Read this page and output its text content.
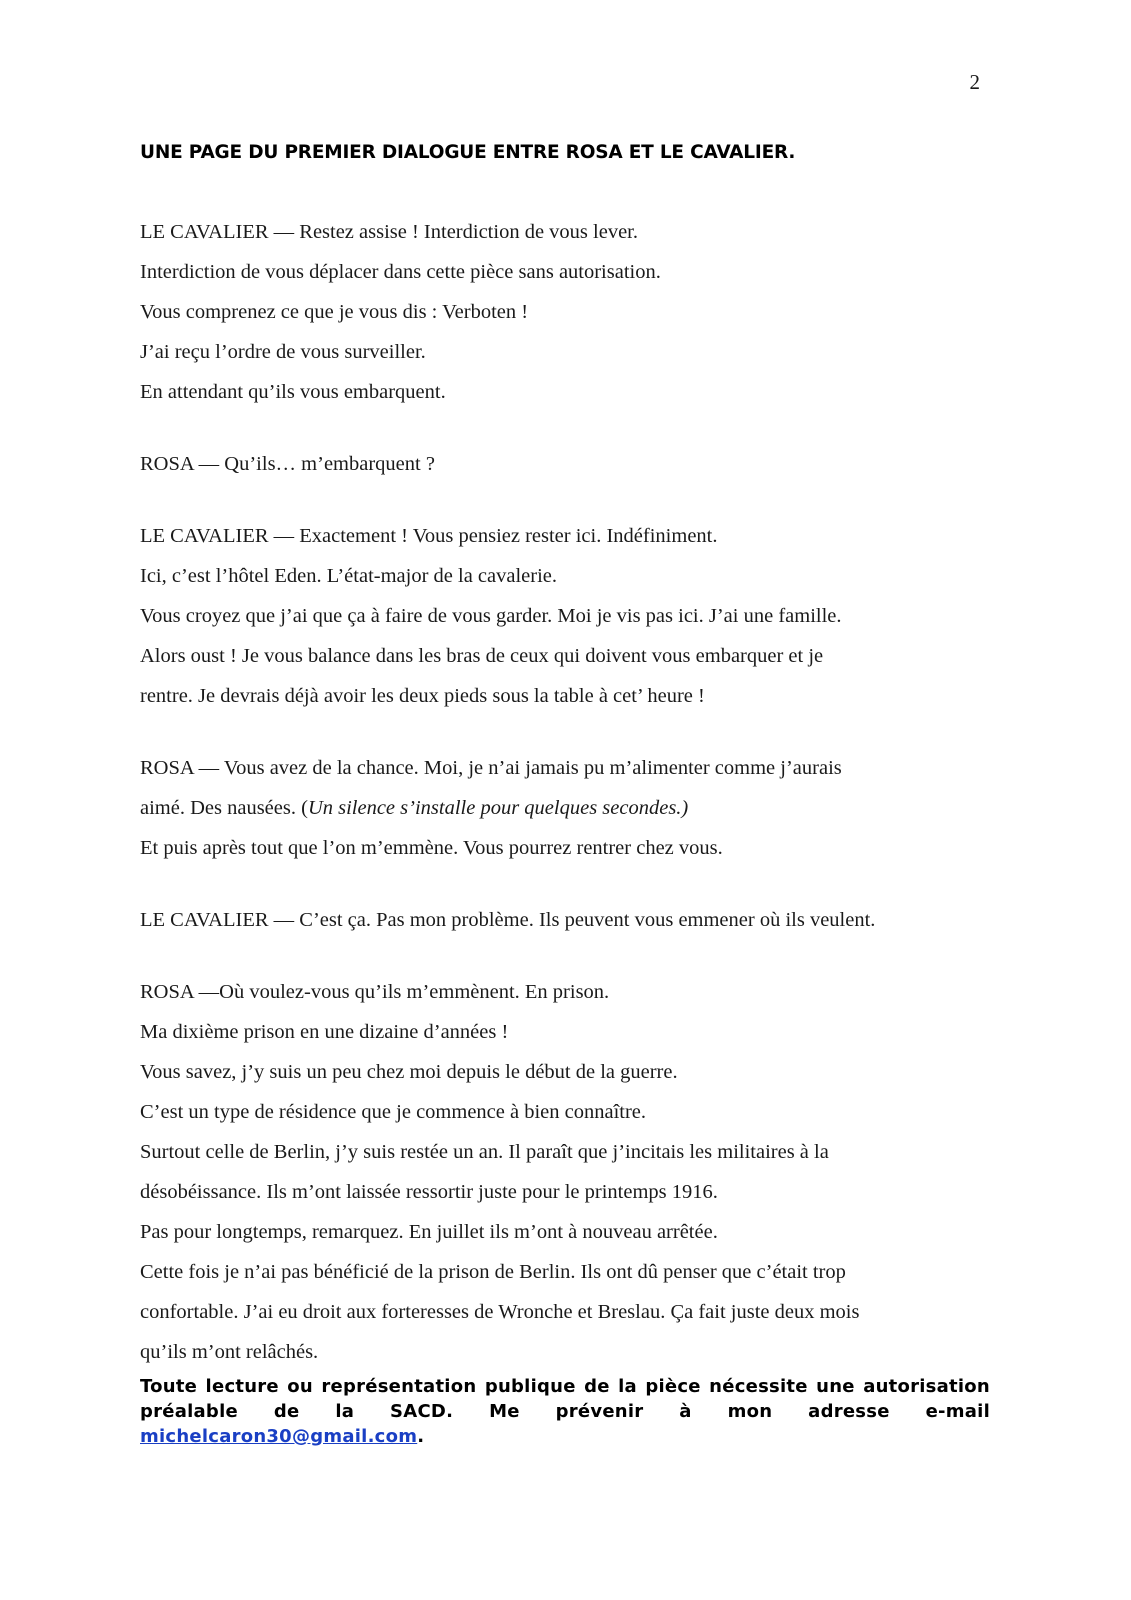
2
UNE PAGE DU PREMIER DIALOGUE ENTRE ROSA ET LE CAVALIER.
LE CAVALIER — Restez assise ! Interdiction de vous lever.
Interdiction de vous déplacer dans cette pièce sans autorisation.
Vous comprenez ce que je vous dis : Verboten !
J’ai reçu l’ordre de vous surveiller.
En attendant qu’ils vous embarquent.
ROSA — Qu’ils… m’embarquent ?
LE CAVALIER — Exactement ! Vous pensiez rester ici. Indéfiniment.
Ici, c’est l’hôtel Eden. L’état-major de la cavalerie.
Vous croyez que j’ai que ça à faire de vous garder. Moi je vis pas ici. J’ai une famille.
Alors oust ! Je vous balance dans les bras de ceux qui doivent vous embarquer et je
rentre. Je devrais déjà avoir les deux pieds sous la table à cet’ heure !
ROSA — Vous avez de la chance. Moi, je n’ai jamais pu m’alimenter comme j’aurais
aimé. Des nausées. (Un silence s’installe pour quelques secondes.)
Et puis après tout que l’on m’emmène. Vous pourrez rentrer chez vous.
LE CAVALIER — C’est ça. Pas mon problème. Ils peuvent vous emmener où ils veulent.
ROSA —Où voulez-vous qu’ils m’emmènent. En prison.
Ma dixième prison en une dizaine d’années !
Vous savez, j’y suis un peu chez moi depuis le début de la guerre.
C’est un type de résidence que je commence à bien connaître.
Surtout celle de Berlin, j’y suis restée un an. Il paraît que j’incitais les militaires à la
désobéissance. Ils m’ont laissée ressortir juste pour le printemps 1916.
Pas pour longtemps, remarquez. En juillet ils m’ont à nouveau arrêtée.
Cette fois je n’ai pas bénéficié de la prison de Berlin. Ils ont dû penser que c’était trop
confortable. J’ai eu droit aux forteresses de Wronche et Breslau. Ça fait juste deux mois
qu’ils m’ont relâchés.

Toute lecture ou représentation publique de la pièce nécessite une autorisation préalable de la SACD. Me prévenir à mon adresse e-mail michelcaron30@gmail.com.
